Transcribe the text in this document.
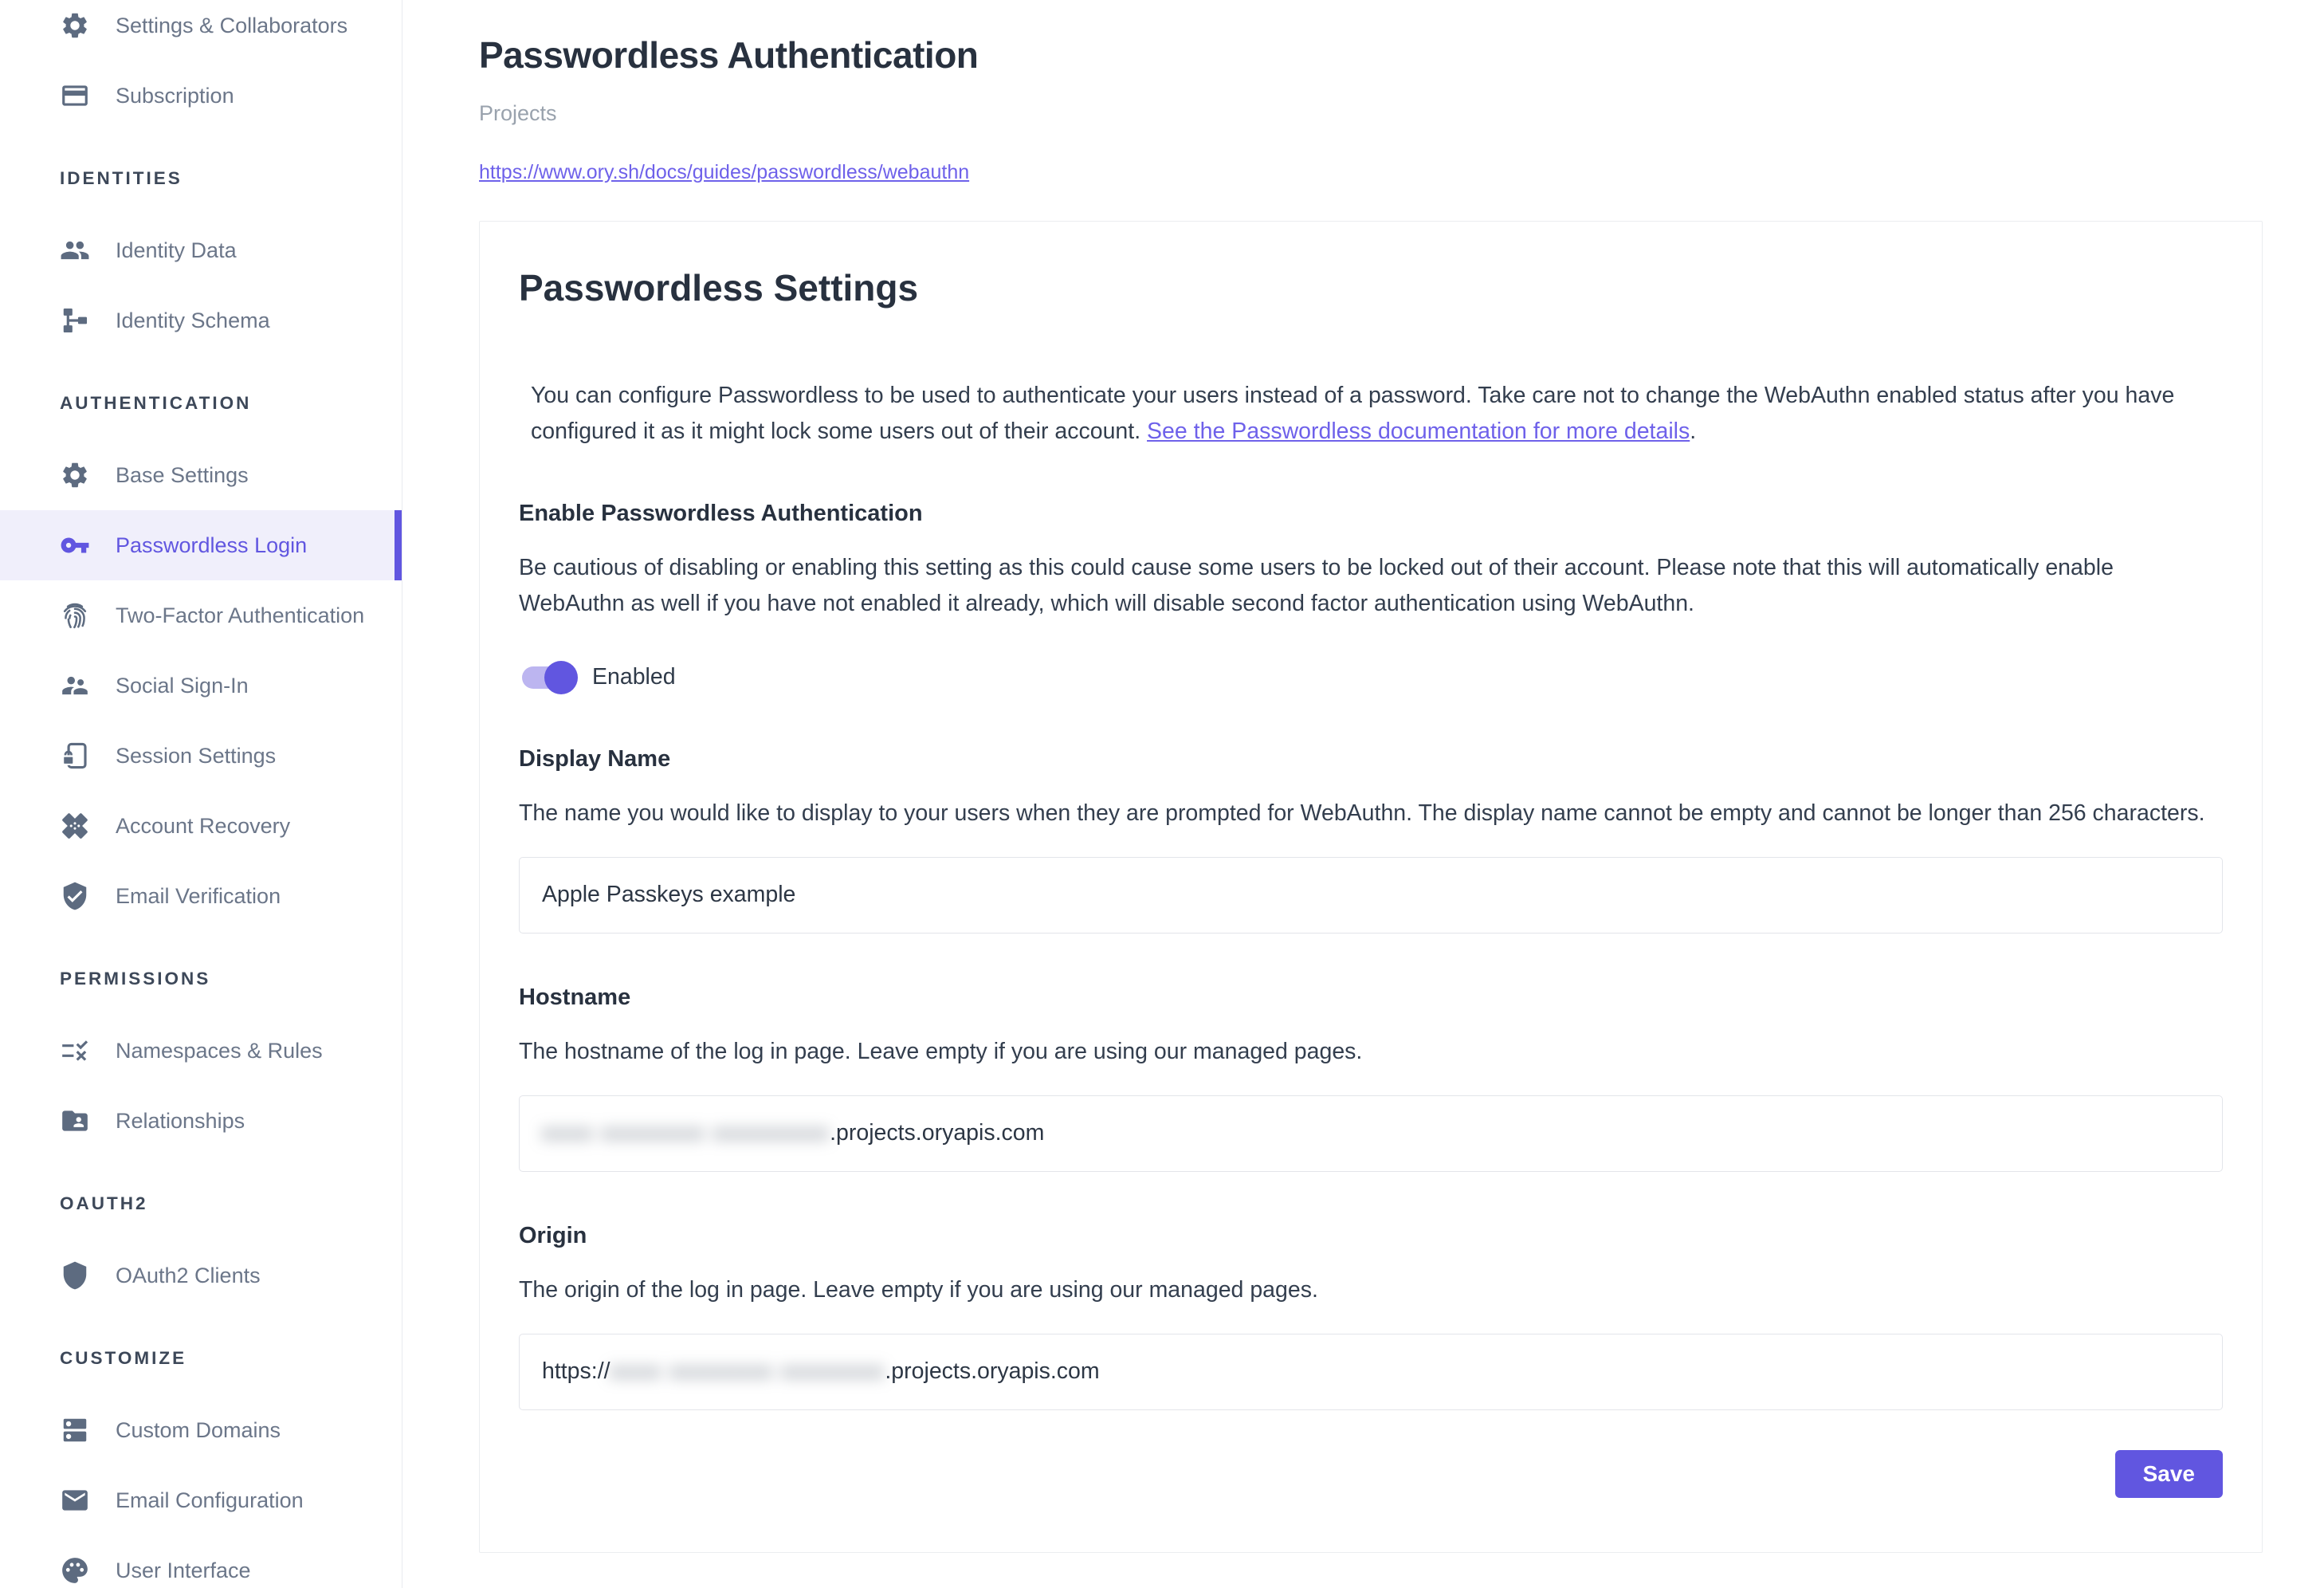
Settings & Collaborators
Subscription
IDENTITIES
Identity Data
Identity Schema
AUTHENTICATION
Base Settings
Passwordless Login
Two-Factor Authentication
Social Sign-In
Session Settings
Account Recovery
Email Verification
PERMISSIONS
Namespaces & Rules
Relationships
OAUTH2
OAuth2 Clients
CUSTOMIZE
Custom Domains
Email Configuration
User Interface
Passwordless Authentication
Projects
https://www.ory.sh/docs/guides/passwordless/webauthn
Passwordless Settings

You can configure Passwordless to be used to authenticate your users instead of a password. Take care not to change the WebAuthn enabled status after you have configured it as it might lock some users out of their account. See the Passwordless documentation for more details.

Enable Passwordless Authentication

Be cautious of disabling or enabling this setting as this could cause some users to be locked out of their account. Please note that this will automatically enable WebAuthn as well if you have not enabled it already, which will disable second factor authentication using WebAuthn.

Enabled
Display Name

The name you would like to display to your users when they are prompted for WebAuthn. The display name cannot be empty and cannot be longer than 256 characters.

Apple Passkeys example
Hostname

The hostname of the log in page. Leave empty if you are using our managed pages.

xxxx xxxxxxxx xxxxxxxxx .projects.oryapis.com
Origin

The origin of the log in page. Leave empty if you are using our managed pages.

https:// xxxx xxxxxxxx xxxxxxxx .projects.oryapis.com
Save
